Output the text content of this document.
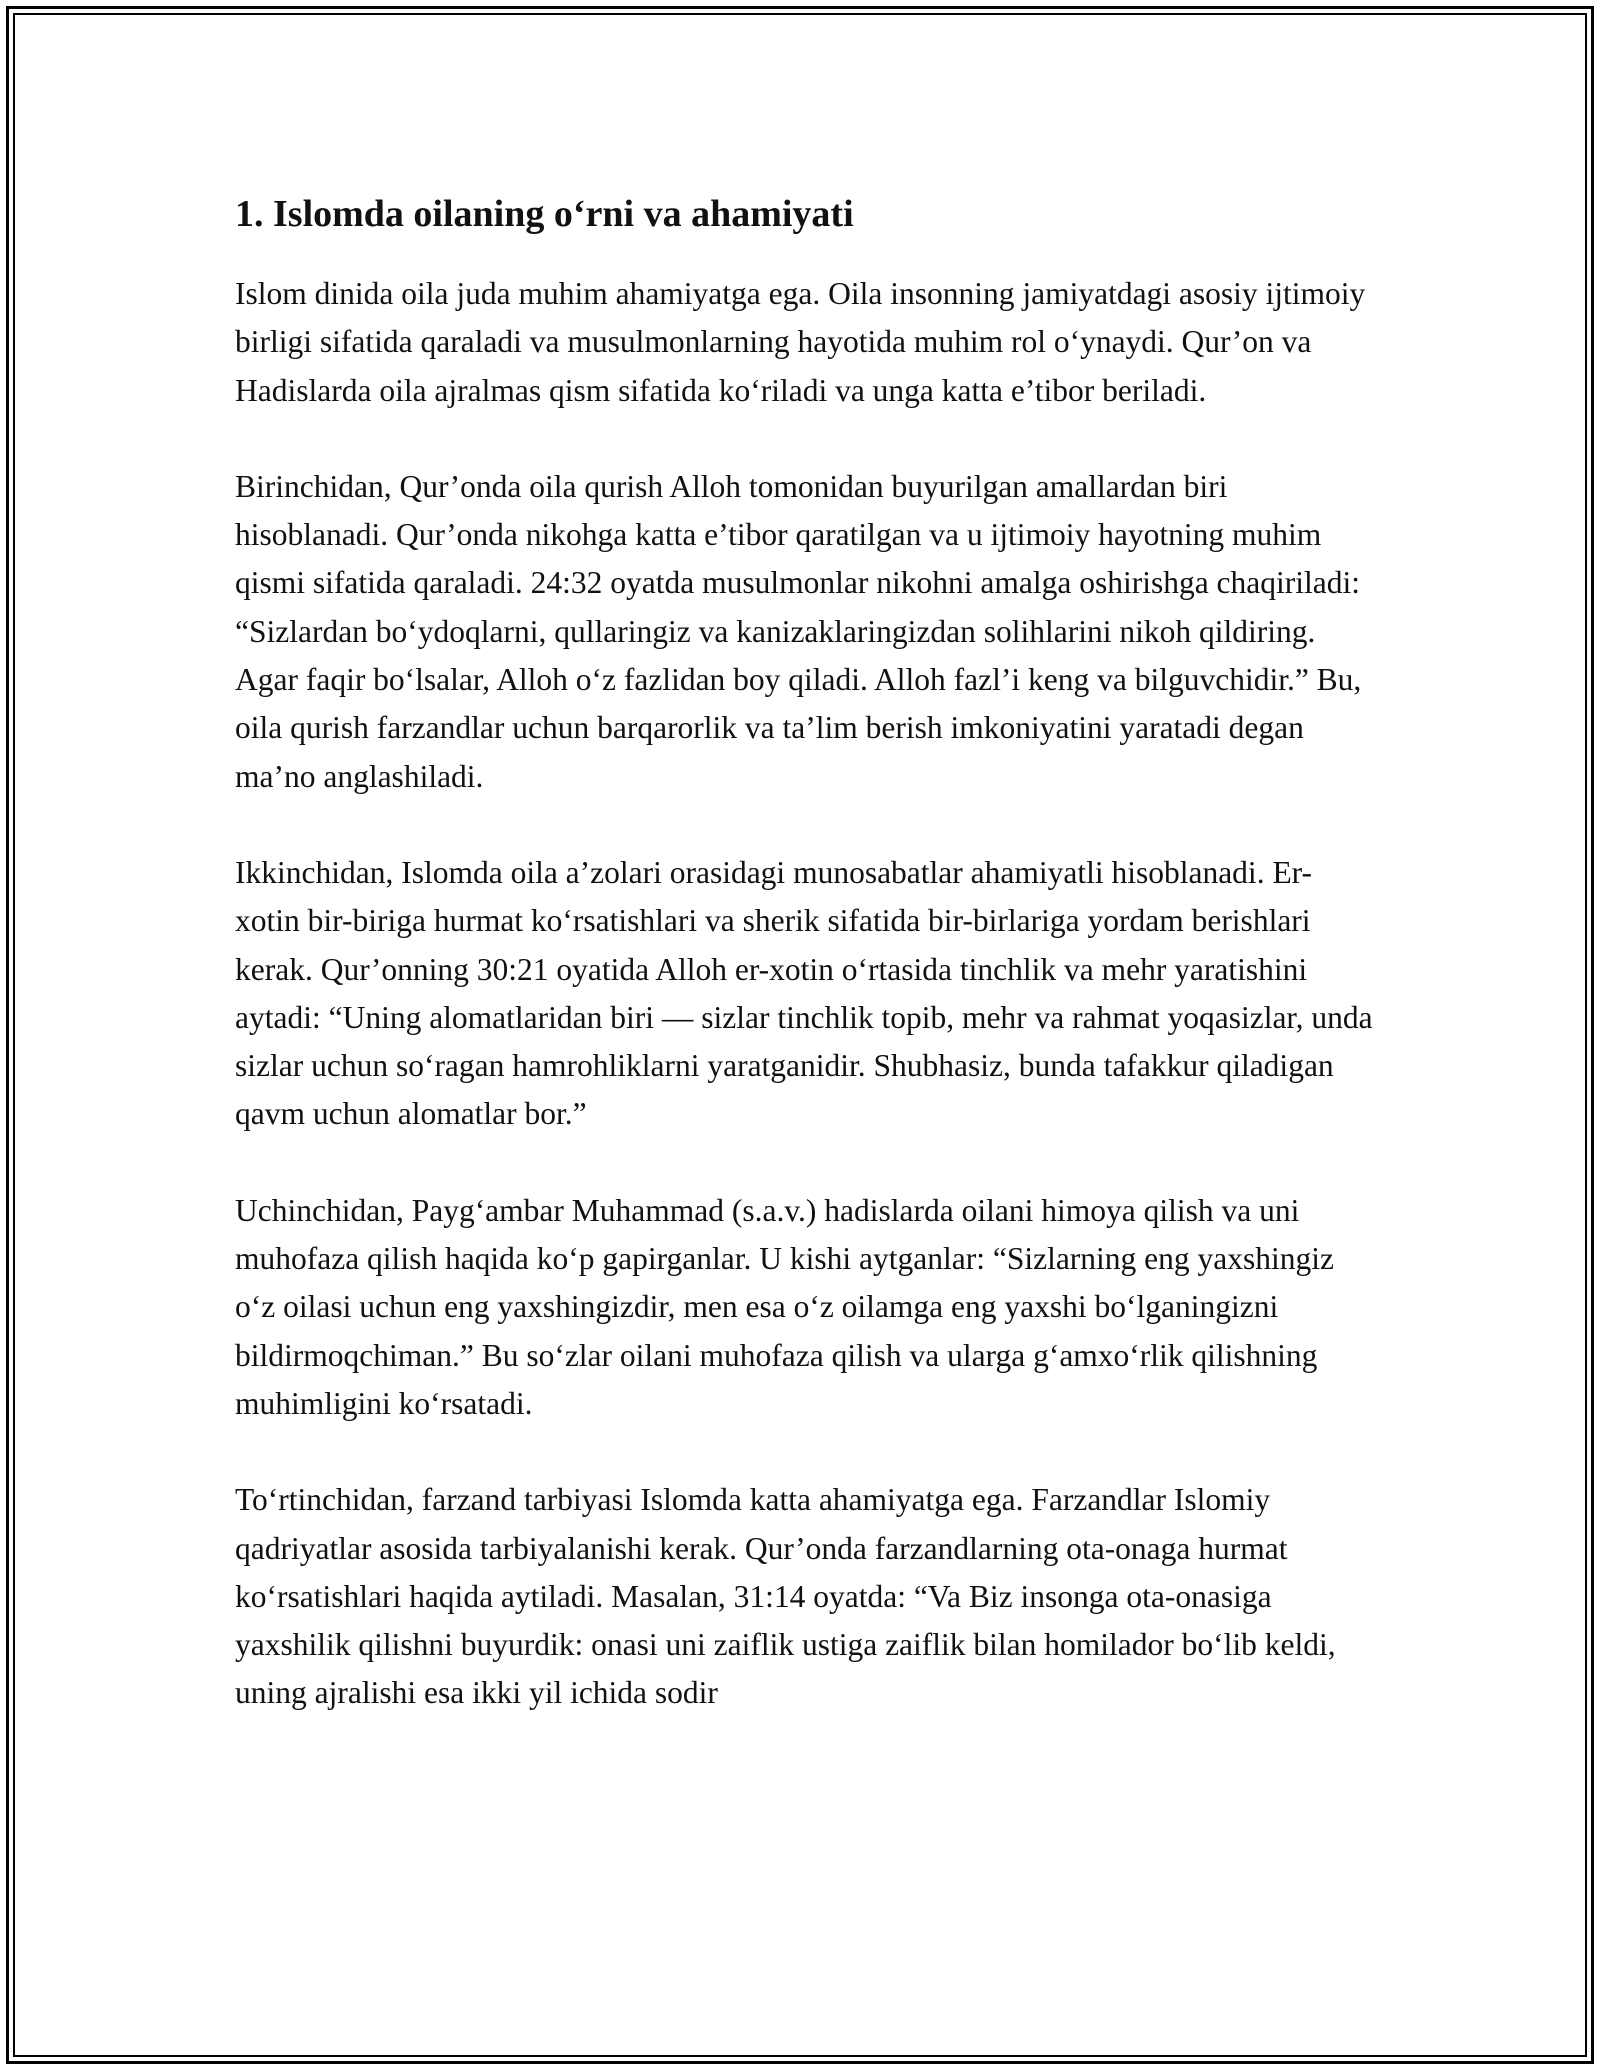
1. Islomda oilaning o‘rni va ahamiyati

Islom dinida oila juda muhim ahamiyatga ega. Oila insonning jamiyatdagi asosiy ijtimoiy birligi sifatida qaraladi va musulmonlarning hayotida muhim rol o‘ynaydi. Qur’on va Hadislarda oila ajralmas qism sifatida ko‘riladi va unga katta e’tibor beriladi.

Birinchidan, Qur’onda oila qurish Alloh tomonidan buyurilgan amallardan biri hisoblanadi. Qur’onda nikohga katta e’tibor qaratilgan va u ijtimoiy hayotning muhim qismi sifatida qaraladi. 24:32 oyatda musulmonlar nikohni amalga oshirishga chaqiriladi: “Sizlardan bo‘ydoqlarni, qullaringiz va kanizaklaringizdan solihlarini nikoh qildiring. Agar faqir bo‘lsalar, Alloh o‘z fazlidan boy qiladi. Alloh fazl’i keng va bilguvchidir.” Bu, oila qurish farzandlar uchun barqarorlik va ta’lim berish imkoniyatini yaratadi degan ma’no anglashiladi.

Ikkinchidan, Islomda oila a’zolari orasidagi munosabatlar ahamiyatli hisoblanadi. Er-xotin bir-biriga hurmat ko‘rsatishlari va sherik sifatida bir-birlariga yordam berishlari kerak. Qur’onning 30:21 oyatida Alloh er-xotin o‘rtasida tinchlik va mehr yaratishini aytadi: “Uning alomatlaridan biri — sizlar tinchlik topib, mehr va rahmat yoqasizlar, unda sizlar uchun so‘ragan hamrohliklarni yaratganidir. Shubhasiz, bunda tafakkur qiladigan qavm uchun alomatlar bor.”

Uchinchidan, Payg‘ambar Muhammad (s.a.v.) hadislarda oilani himoya qilish va uni muhofaza qilish haqida ko‘p gapirganlar. U kishi aytganlar: “Sizlarning eng yaxshingiz o‘z oilasi uchun eng yaxshingizdir, men esa o‘z oilamga eng yaxshi bo‘lganingizni bildirmoqchiman.” Bu so‘zlar oilani muhofaza qilish va ularga g‘amxo‘rlik qilishning muhimligini ko‘rsatadi.

To‘rtinchidan, farzand tarbiyasi Islomda katta ahamiyatga ega. Farzandlar Islomiy qadriyatlar asosida tarbiyalanishi kerak. Qur’onda farzandlarning ota-onaga hurmat ko‘rsatishlari haqida aytiladi. Masalan, 31:14 oyatda: “Va Biz insonga ota-onasiga yaxshilik qilishni buyurdik: onasi uni zaiflik ustiga zaiflik bilan homilador bo‘lib keldi, uning ajralishi esa ikki yil ichida sodir
